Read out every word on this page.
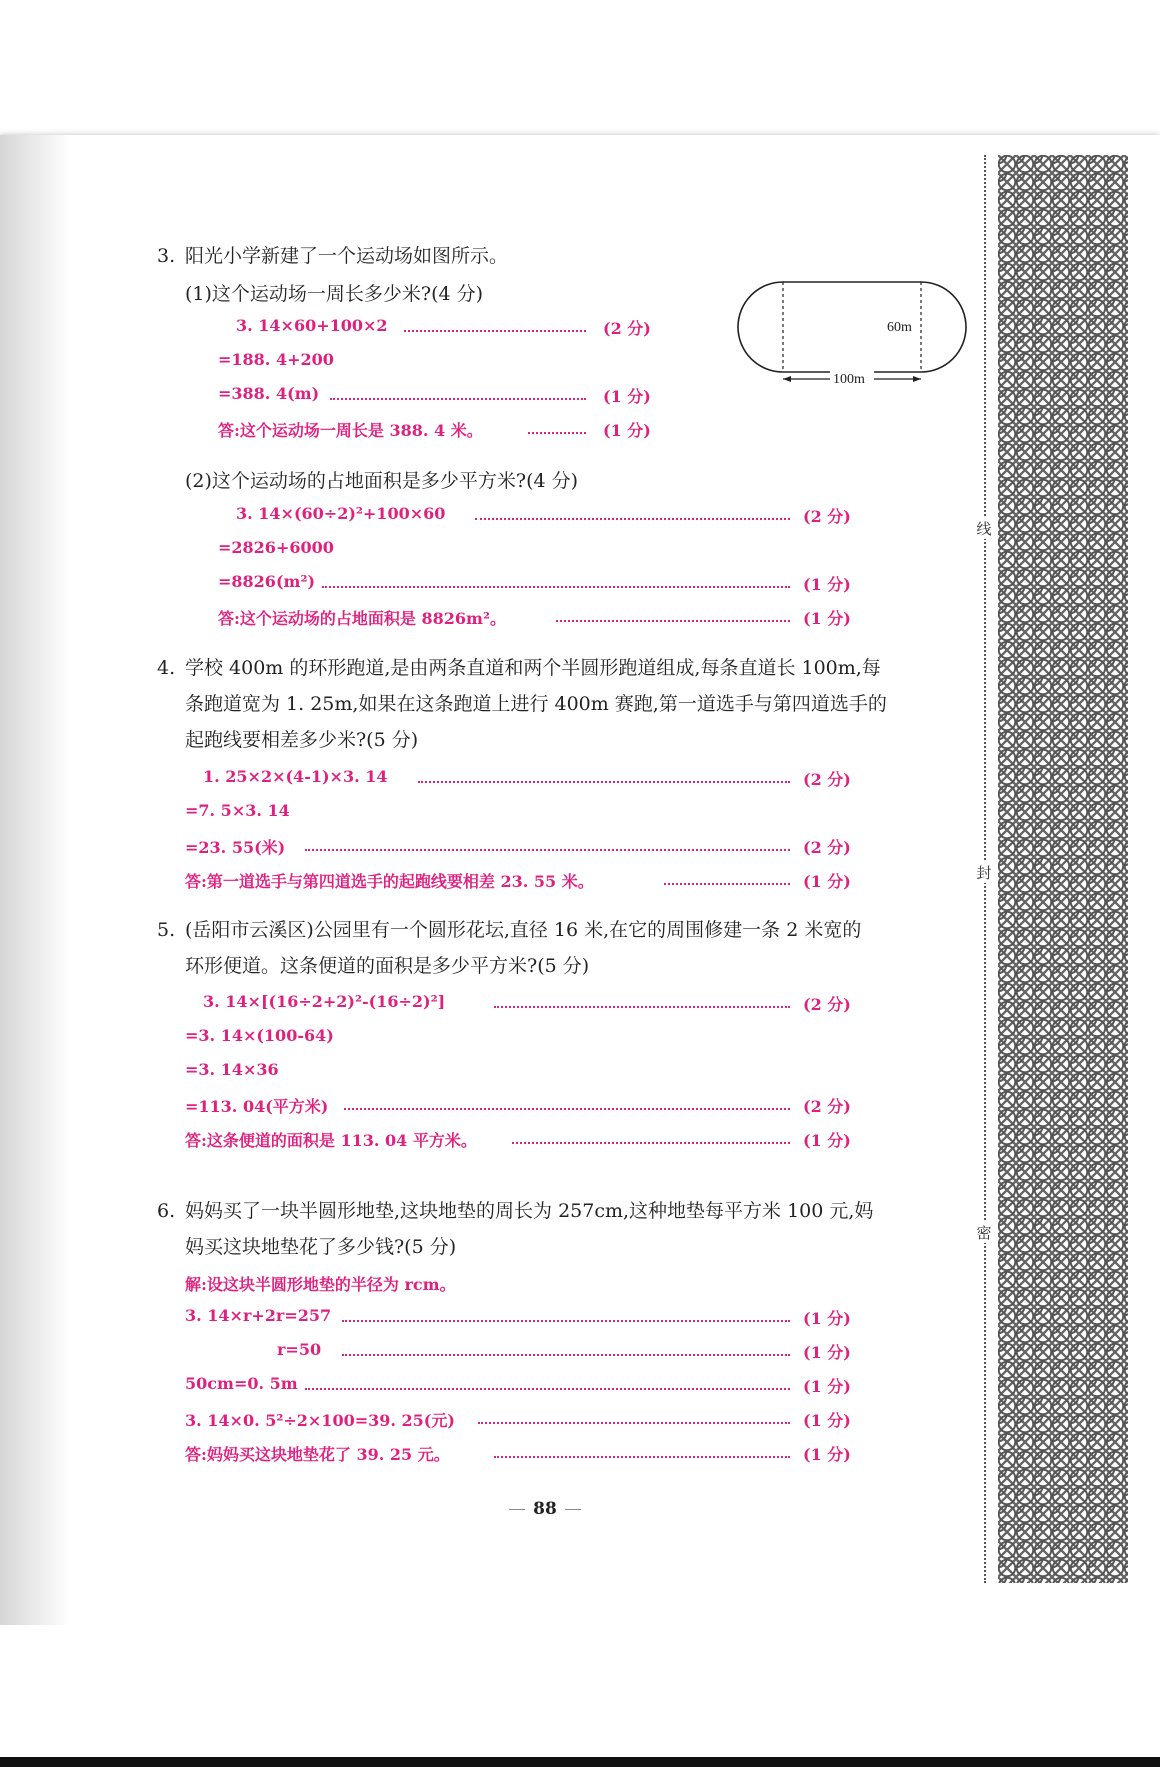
线
封
密
3. 阳光小学新建了一个运动场如图所示。
(1)这个运动场一周长多少米?(4 分)
60m
100m
3. 14×60+100×2	(2 分)
=188. 4+200
=388. 4(m)	(1 分)
答:这个运动场一周长是 388. 4 米。	(1 分)
(2)这个运动场的占地面积是多少平方米?(4 分)
3. 14×(60÷2)²+100×60	(2 分)
=2826+6000
=8826(m²)	(1 分)
答:这个运动场的占地面积是 8826m²。	(1 分)
4. 学校 400m 的环形跑道,是由两条直道和两个半圆形跑道组成,每条直道长 100m,每
条跑道宽为 1. 25m,如果在这条跑道上进行 400m 赛跑,第一道选手与第四道选手的
起跑线要相差多少米?(5 分)
1. 25×2×(4-1)×3. 14	(2 分)
=7. 5×3. 14
=23. 55(米)	(2 分)
答:第一道选手与第四道选手的起跑线要相差 23. 55 米。	(1 分)
5. (岳阳市云溪区)公园里有一个圆形花坛,直径 16 米,在它的周围修建一条 2 米宽的
环形便道。这条便道的面积是多少平方米?(5 分)
3. 14×[(16÷2+2)²-(16÷2)²]	(2 分)
=3. 14×(100-64)
=3. 14×36
=113. 04(平方米)	(2 分)
答:这条便道的面积是 113. 04 平方米。	(1 分)
6. 妈妈买了一块半圆形地垫,这块地垫的周长为 257cm,这种地垫每平方米 100 元,妈
妈买这块地垫花了多少钱?(5 分)
解:设这块半圆形地垫的半径为 rcm。
3. 14×r+2r=257	(1 分)
r=50	(1 分)
50cm=0. 5m	(1 分)
3. 14×0. 5²÷2×100=39. 25(元)	(1 分)
答:妈妈买这块地垫花了 39. 25 元。	(1 分)
88
